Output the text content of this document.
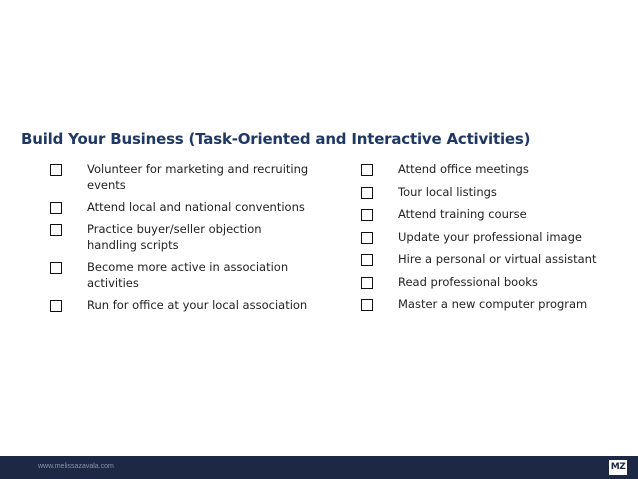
Build Your Business (Task-Oriented and Interactive Activities)
Volunteer for marketing and recruiting events
Attend local and national conventions
Practice buyer/seller objection handling scripts
Become more active in association activities
Run for office at your local association
Attend office meetings
Tour local listings
Attend training course
Update your professional image
Hire a personal or virtual assistant
Read professional books
Master a new computer program
www.melissazavala.com	MZ
